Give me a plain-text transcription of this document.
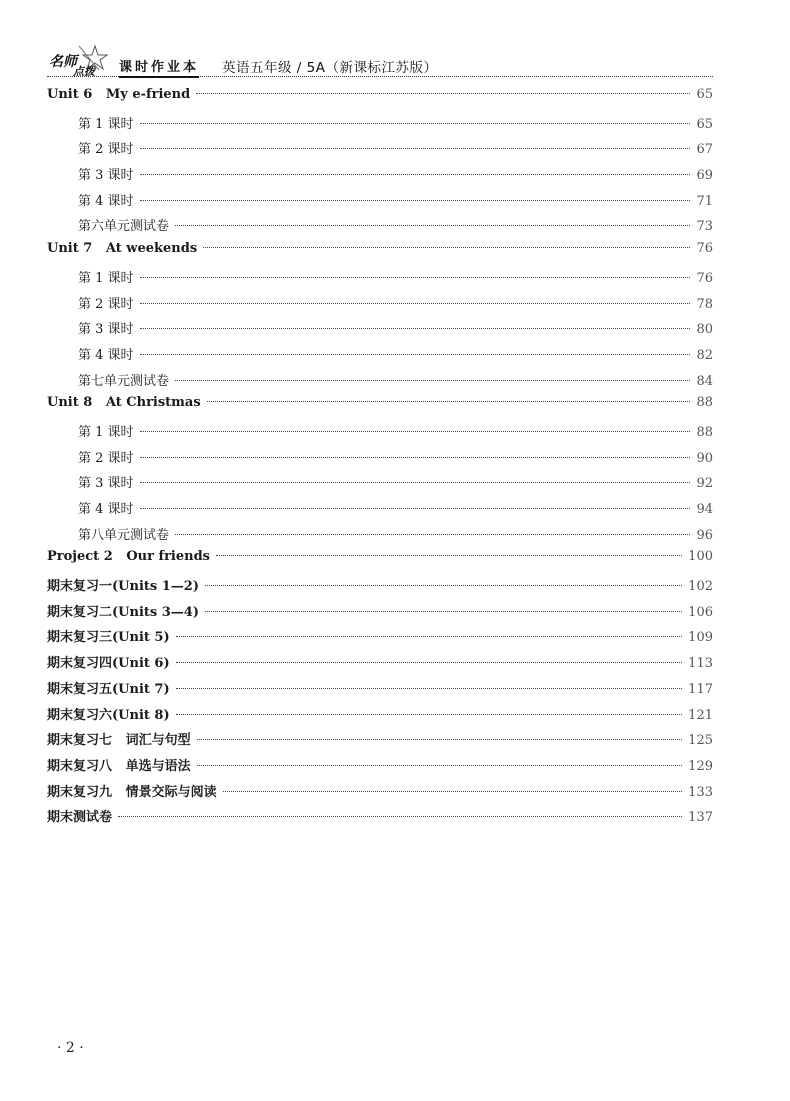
名师
点拨 课时作业本 英语五年级 / 5A（新课标江苏版）
Unit 6   My e-friend	65
第 1 课时	65
第 2 课时	67
第 3 课时	69
第 4 课时	71
第六单元测试卷	73
Unit 7   At weekends	76
第 1 课时	76
第 2 课时	78
第 3 课时	80
第 4 课时	82
第七单元测试卷	84
Unit 8   At Christmas	88
第 1 课时	88
第 2 课时	90
第 3 课时	92
第 4 课时	94
第八单元测试卷	96
Project 2   Our friends	100
期末复习一(Units 1—2)	102
期末复习二(Units 3—4)	106
期末复习三(Unit 5)	109
期末复习四(Unit 6)	113
期末复习五(Unit 7)	117
期末复习六(Unit 8)	121
期末复习七   词汇与句型	125
期末复习八   单选与语法	129
期末复习九   情景交际与阅读	133
期末测试卷	137
· 2 ·
